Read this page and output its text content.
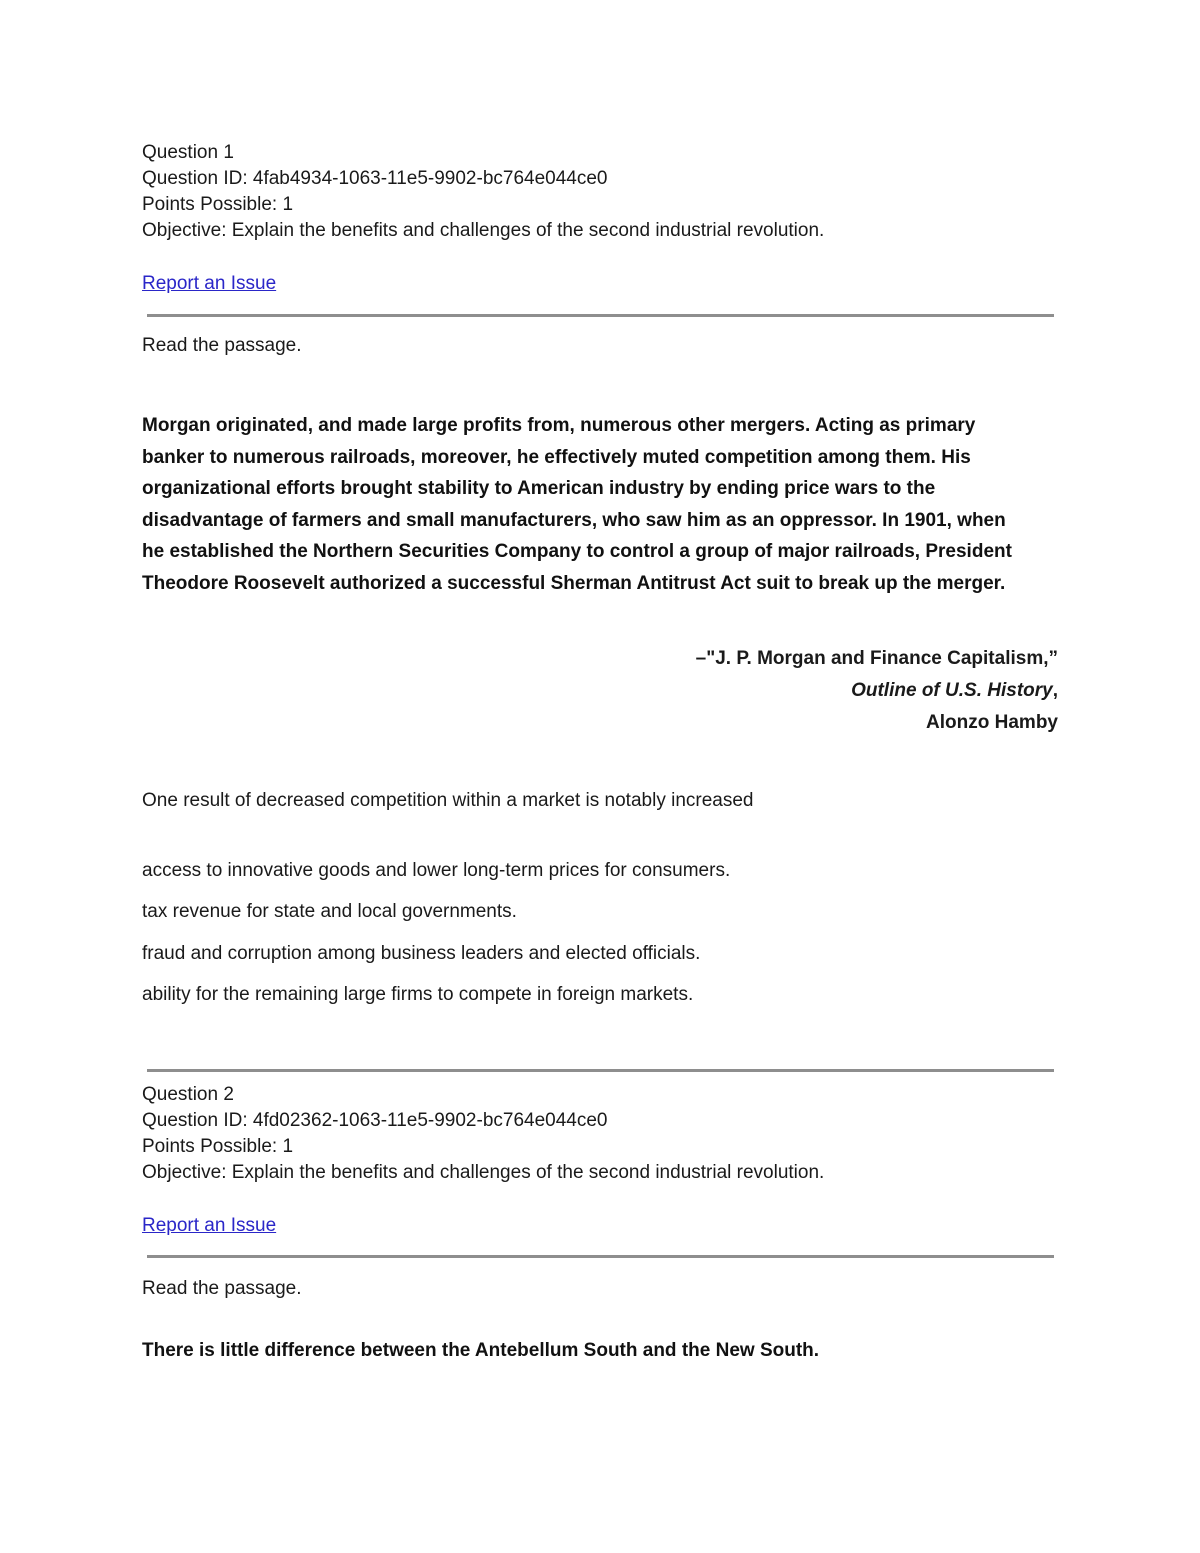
Question 1
Question ID: 4fab4934-1063-11e5-9902-bc764e044ce0
Points Possible: 1
Objective: Explain the benefits and challenges of the second industrial revolution.
Report an Issue
Read the passage.

Morgan originated, and made large profits from, numerous other mergers. Acting as primary

banker to numerous railroads, moreover, he effectively muted competition among them. His

organizational efforts brought stability to American industry by ending price wars to the

disadvantage of farmers and small manufacturers, who saw him as an oppressor. In 1901, when

he established the Northern Securities Company to control a group of major railroads, President

Theodore Roosevelt authorized a successful Sherman Antitrust Act suit to break up the merger.

–"J. P. Morgan and Finance Capitalism,”
Outline of U.S. History,
Alonzo Hamby
One result of decreased competition within a market is notably increased
access to innovative goods and lower long-term prices for consumers.
tax revenue for state and local governments.
fraud and corruption among business leaders and elected officials.
ability for the remaining large firms to compete in foreign markets.
Question 2
Question ID: 4fd02362-1063-11e5-9902-bc764e044ce0
Points Possible: 1
Objective: Explain the benefits and challenges of the second industrial revolution.
Report an Issue
Read the passage.
There is little difference between the Antebellum South and the New South.
